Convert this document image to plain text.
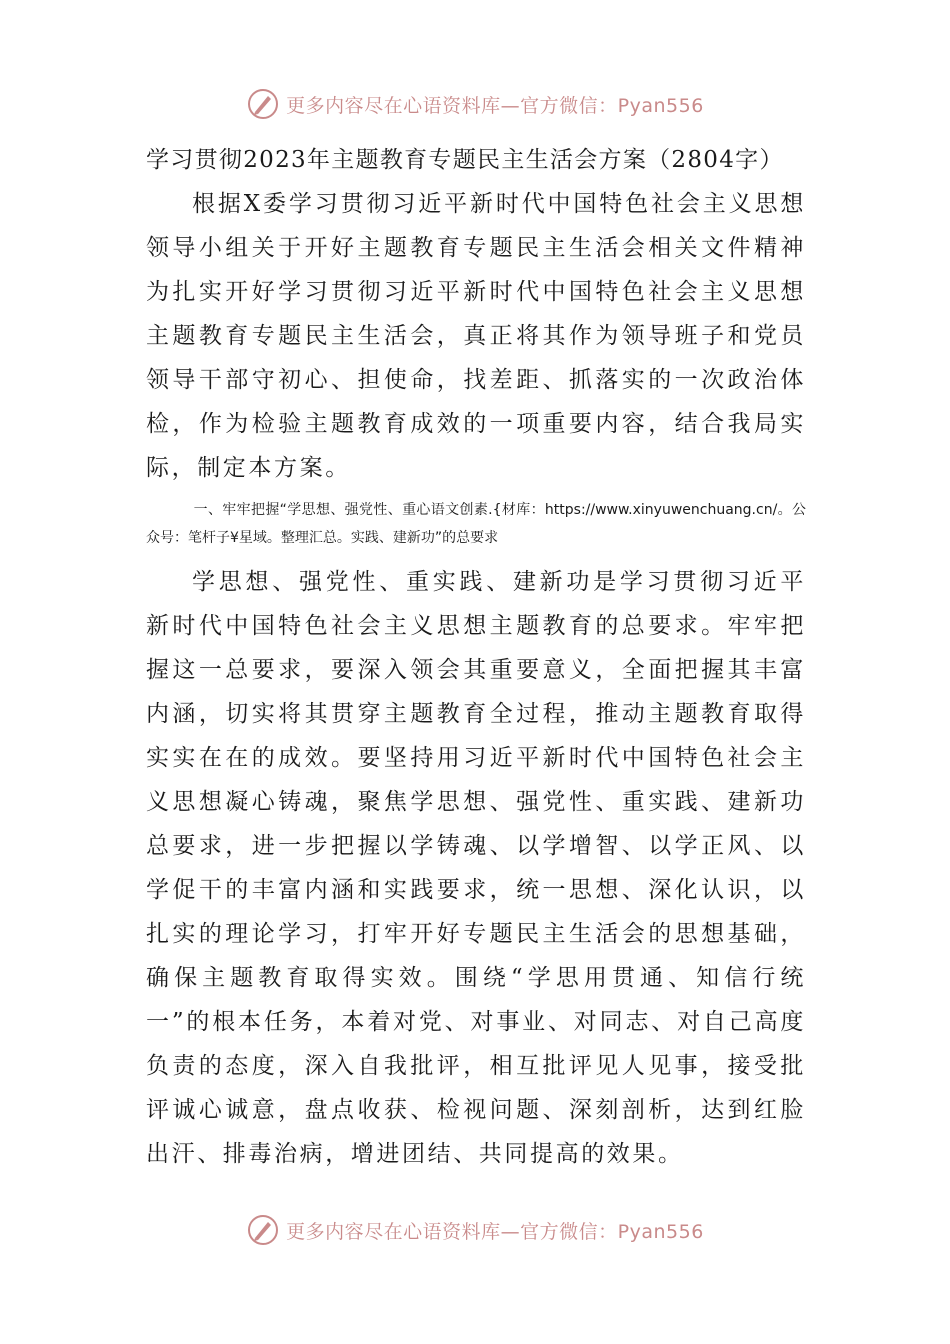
更多内容尽在心语资料库—官方微信：Pyan556
学习贯彻2023年主题教育专题民主生活会方案（2804字）

根据X委学习贯彻习近平新时代中国特色社会主义思想领导小组关于开好主题教育专题民主生活会相关文件精神为扎实开好学习贯彻习近平新时代中国特色社会主义思想主题教育专题民主生活会，真正将其作为领导班子和党员领导干部守初心、担使命，找差距、抓落实的一次政治体检，作为检验主题教育成效的一项重要内容，结合我局实际，制定本方案。

一、牢牢把握“学思想、强党性、重心语文创素.{材库：https://www.xinyuwenchuang.cn/。公众号：笔杆子¥星域。整理汇总。实践、建新功”的总要求

学思想、强党性、重实践、建新功是学习贯彻习近平新时代中国特色社会主义思想主题教育的总要求。牢牢把握这一总要求，要深入领会其重要意义，全面把握其丰富内涵，切实将其贯穿主题教育全过程，推动主题教育取得实实在在的成效。要坚持用习近平新时代中国特色社会主义思想凝心铸魂，聚焦学思想、强党性、重实践、建新功总要求，进一步把握以学铸魂、以学增智、以学正风、以学促干的丰富内涵和实践要求，统一思想、深化认识，以扎实的理论学习，打牢开好专题民主生活会的思想基础，确保主题教育取得实效。围绕“学思用贯通、知信行统一”的根本任务，本着对党、对事业、对同志、对自己高度负责的态度，深入自我批评，相互批评见人见事，接受批评诚心诚意，盘点收获、检视问题、深刻剖析，达到红脸出汗、排毒治病，增进团结、共同提高的效果。

更多内容尽在心语资料库—官方微信：Pyan556
